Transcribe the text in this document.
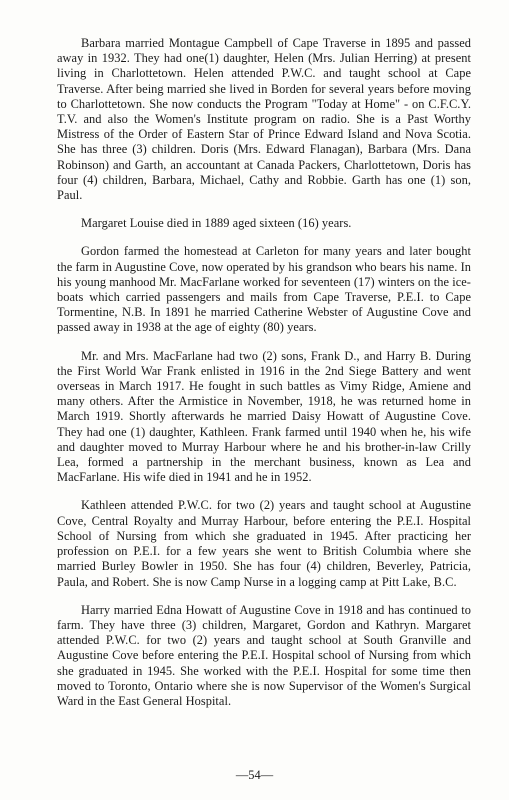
Barbara married Montague Campbell of Cape Traverse in 1895 and passed away in 1932. They had one(1) daughter, Helen (Mrs. Julian Herring) at present living in Charlottetown. Helen attended P.W.C. and taught school at Cape Traverse. After being married she lived in Borden for several years before moving to Charlottetown. She now conducts the Program "Today at Home" - on C.F.C.Y. T.V. and also the Women's Institute program on radio. She is a Past Worthy Mistress of the Order of Eastern Star of Prince Edward Island and Nova Scotia. She has three (3) children. Doris (Mrs. Edward Flanagan), Barbara (Mrs. Dana Robinson) and Garth, an accountant at Canada Packers, Charlottetown, Doris has four (4) children, Barbara, Michael, Cathy and Robbie. Garth has one (1) son, Paul.

Margaret Louise died in 1889 aged sixteen (16) years.

Gordon farmed the homestead at Carleton for many years and later bought the farm in Augustine Cove, now operated by his grandson who bears his name. In his young manhood Mr. MacFarlane worked for seventeen (17) winters on the ice-boats which carried passengers and mails from Cape Traverse, P.E.I. to Cape Tormentine, N.B. In 1891 he married Catherine Webster of Augustine Cove and passed away in 1938 at the age of eighty (80) years.

Mr. and Mrs. MacFarlane had two (2) sons, Frank D., and Harry B. During the First World War Frank enlisted in 1916 in the 2nd Siege Battery and went overseas in March 1917. He fought in such battles as Vimy Ridge, Amiene and many others. After the Armistice in November, 1918, he was returned home in March 1919. Shortly afterwards he married Daisy Howatt of Augustine Cove. They had one (1) daughter, Kathleen. Frank farmed until 1940 when he, his wife and daughter moved to Murray Harbour where he and his brother-in-law Crilly Lea, formed a partnership in the merchant business, known as Lea and MacFarlane. His wife died in 1941 and he in 1952.

Kathleen attended P.W.C. for two (2) years and taught school at Augustine Cove, Central Royalty and Murray Harbour, before entering the P.E.I. Hospital School of Nursing from which she graduated in 1945. After practicing her profession on P.E.I. for a few years she went to British Columbia where she married Burley Bowler in 1950. She has four (4) children, Beverley, Patricia, Paula, and Robert. She is now Camp Nurse in a logging camp at Pitt Lake, B.C.

Harry married Edna Howatt of Augustine Cove in 1918 and has continued to farm. They have three (3) children, Margaret, Gordon and Kathryn. Margaret attended P.W.C. for two (2) years and taught school at South Granville and Augustine Cove before entering the P.E.I. Hospital school of Nursing from which she graduated in 1945. She worked with the P.E.I. Hospital for some time then moved to Toronto, Ontario where she is now Supervisor of the Women's Surgical Ward in the East General Hospital.

—54—
